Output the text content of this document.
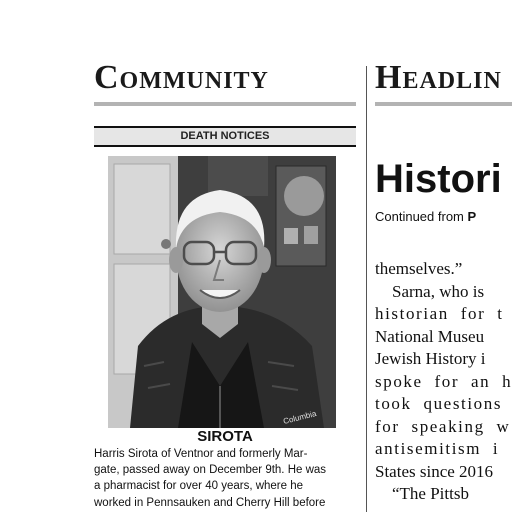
Community
DEATH NOTICES
Columbia
SIROTA

Harris Sirota of Ventnor and formerly Mar-
gate, passed away on December 9th. He was
a pharmacist for over 40 years, where he
worked in Pennsauken and Cherry Hill before

Headlin
Histori
Continued from P

themselves.”
 Sarna, who is
historian for t
National Museu
Jewish History i
spoke for an h
took questions
for speaking w
antisemitism i
States since 2016
 “The Pittsb
